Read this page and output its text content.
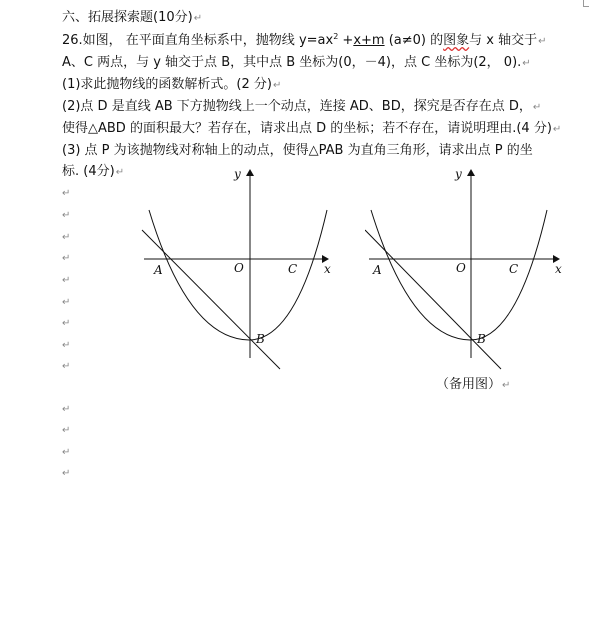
六、拓展探索题(10分)↵
26.如图， 在平面直角坐标系中，抛物线 $y=ax^2 +x+m$ (a≠0) 的图象与 x 轴交于↵
A、C 两点，与 y 轴交于点 B，其中点 B 坐标为(0，－4)，点 C 坐标为(2， 0).↵
(1)求此抛物线的函数解析式。(2 分)↵
(2)点 D 是直线 AB 下方抛物线上一个动点，连接 AD、BD，探究是否存在点 D，↵
使得△ABD 的面积最大？若存在，请求出点 D 的坐标；若不存在，请说明理由.(4 分)↵
(3) 点 P 为该抛物线对称轴上的动点，使得△PAB 为直角三角形，请求出点 P 的坐
标. (4分)↵
↵
↵
↵
↵
↵
↵
↵
↵
↵
↵
↵
↵
↵
y
x
A	O	C
B
y
x
A	O	C
B
（备用图）↵
